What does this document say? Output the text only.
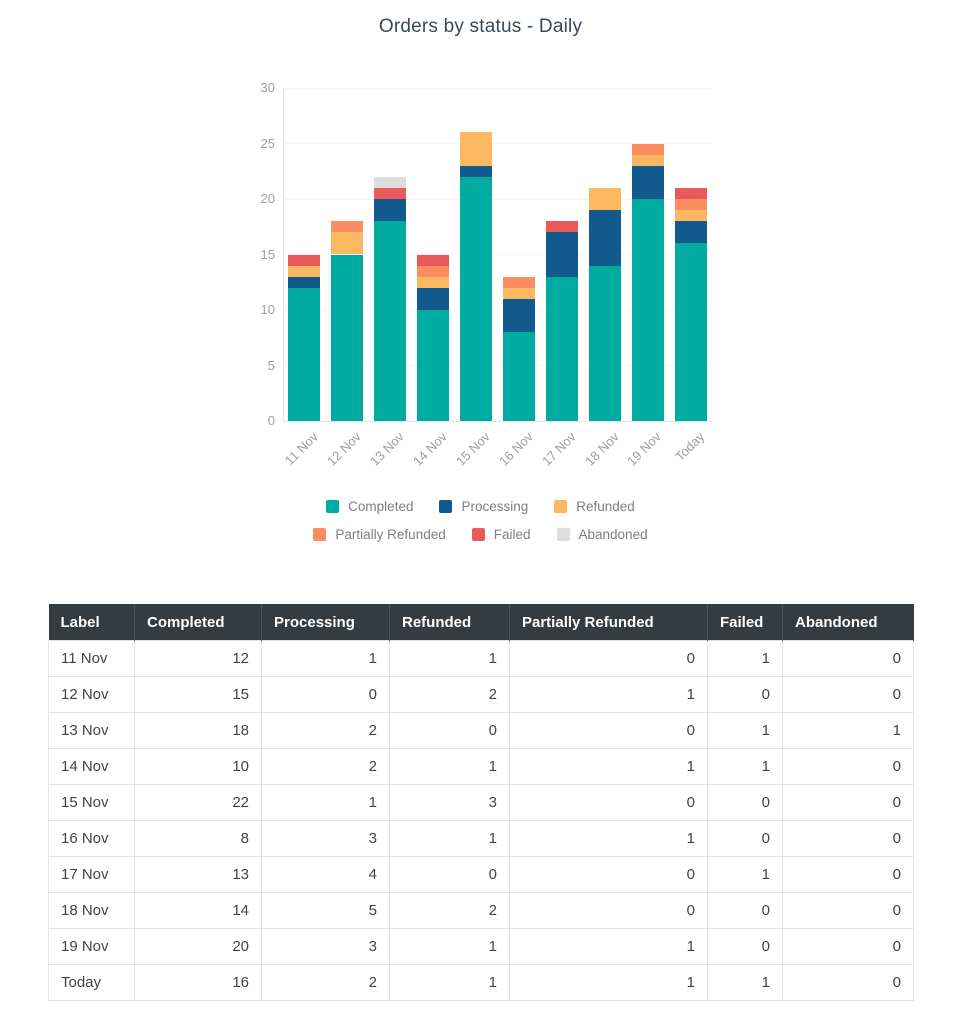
Orders by status - Daily
0
5
10
15
20
25
30
11 Nov 12 Nov 13 Nov 14 Nov 15 Nov 16 Nov 17 Nov 18 Nov 19 Nov Today
Completed	Processing	Refunded
Partially Refunded	Failed	Abandoned
Label	Completed	Processing	Refunded	Partially Refunded	Failed	Abandoned
11 Nov	12	1	1	0	1	0
12 Nov	15	0	2	1	0	0
13 Nov	18	2	0	0	1	1
14 Nov	10	2	1	1	1	0
15 Nov	22	1	3	0	0	0
16 Nov	8	3	1	1	0	0
17 Nov	13	4	0	0	1	0
18 Nov	14	5	2	0	0	0
19 Nov	20	3	1	1	0	0
Today	16	2	1	1	1	0
